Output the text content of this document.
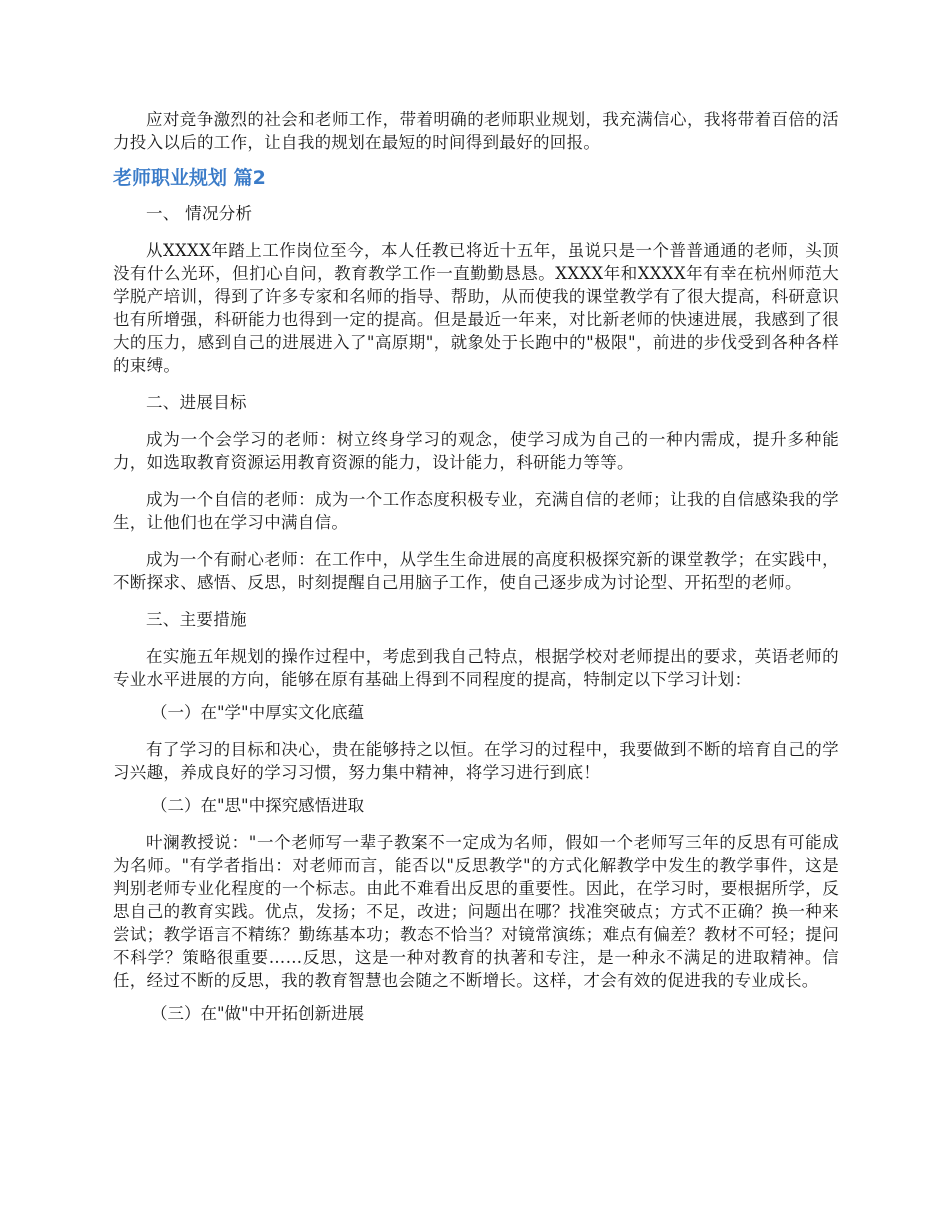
应对竞争激烈的社会和老师工作，带着明确的老师职业规划，我充满信心，我将带着百倍的活力投入以后的工作，让自我的规划在最短的时间得到最好的回报。

老师职业规划 篇2

一、 情况分析

从XXXX年踏上工作岗位至今，本人任教已将近十五年，虽说只是一个普普通通的老师，头顶没有什么光环，但扪心自问，教育教学工作一直勤勤恳恳。XXXX年和XXXX年有幸在杭州师范大学脱产培训，得到了许多专家和名师的指导、帮助，从而使我的课堂教学有了很大提高，科研意识也有所增强，科研能力也得到一定的提高。但是最近一年来，对比新老师的快速进展，我感到了很大的压力，感到自己的进展进入了"高原期"，就象处于长跑中的"极限"，前进的步伐受到各种各样的束缚。

二、进展目标

成为一个会学习的老师：树立终身学习的观念，使学习成为自己的一种内需成，提升多种能力，如选取教育资源运用教育资源的能力，设计能力，科研能力等等。

成为一个自信的老师：成为一个工作态度积极专业，充满自信的老师；让我的自信感染我的学生，让他们也在学习中满自信。

成为一个有耐心老师：在工作中，从学生生命进展的高度积极探究新的课堂教学；在实践中，不断探求、感悟、反思，时刻提醒自己用脑子工作，使自己逐步成为讨论型、开拓型的老师。

三、主要措施

在实施五年规划的操作过程中，考虑到我自己特点，根据学校对老师提出的要求，英语老师的专业水平进展的方向，能够在原有基础上得到不同程度的提高，特制定以下学习计划：

（一）在"学"中厚实文化底蕴

有了学习的目标和决心，贵在能够持之以恒。在学习的过程中，我要做到不断的培育自己的学习兴趣，养成良好的学习习惯，努力集中精神，将学习进行到底！

（二）在"思"中探究感悟进取

叶澜教授说："一个老师写一辈子教案不一定成为名师，假如一个老师写三年的反思有可能成为名师。"有学者指出：对老师而言，能否以"反思教学"的方式化解教学中发生的教学事件，这是判别老师专业化程度的一个标志。由此不难看出反思的重要性。因此，在学习时，要根据所学，反思自己的教育实践。优点，发扬；不足，改进；问题出在哪？找准突破点；方式不正确？换一种来尝试；教学语言不精练？勤练基本功；教态不恰当？对镜常演练；难点有偏差？教材不可轻；提问不科学？策略很重要……反思，这是一种对教育的执著和专注，是一种永不满足的进取精神。信任，经过不断的反思，我的教育智慧也会随之不断增长。这样，才会有效的促进我的专业成长。

（三）在"做"中开拓创新进展
